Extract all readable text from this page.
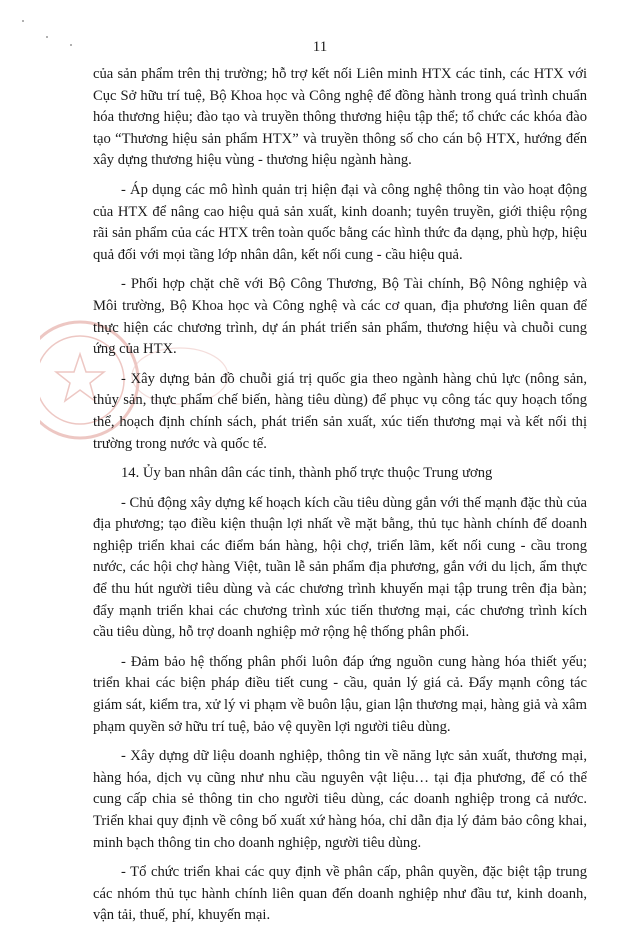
11

của sản phẩm trên thị trường; hỗ trợ kết nối Liên minh HTX các tỉnh, các HTX với Cục Sở hữu trí tuệ, Bộ Khoa học và Công nghệ để đồng hành trong quá trình chuẩn hóa thương hiệu; đào tạo và truyền thông thương hiệu tập thể; tổ chức các khóa đào tạo “Thương hiệu sản phẩm HTX” và truyền thông số cho cán bộ HTX, hướng đến xây dựng thương hiệu vùng - thương hiệu ngành hàng.

- Áp dụng các mô hình quản trị hiện đại và công nghệ thông tin vào hoạt động của HTX để nâng cao hiệu quả sản xuất, kinh doanh; tuyên truyền, giới thiệu rộng rãi sản phẩm của các HTX trên toàn quốc bằng các hình thức đa dạng, phù hợp, hiệu quả đối với mọi tầng lớp nhân dân, kết nối cung - cầu hiệu quả.

- Phối hợp chặt chẽ với Bộ Công Thương, Bộ Tài chính, Bộ Nông nghiệp và Môi trường, Bộ Khoa học và Công nghệ và các cơ quan, địa phương liên quan để thực hiện các chương trình, dự án phát triển sản phẩm, thương hiệu và chuỗi cung ứng của HTX.

- Xây dựng bản đồ chuỗi giá trị quốc gia theo ngành hàng chủ lực (nông sản, thủy sản, thực phẩm chế biến, hàng tiêu dùng) để phục vụ công tác quy hoạch tổng thể, hoạch định chính sách, phát triển sản xuất, xúc tiến thương mại và kết nối thị trường trong nước và quốc tế.

14. Ủy ban nhân dân các tỉnh, thành phố trực thuộc Trung ương

- Chủ động xây dựng kế hoạch kích cầu tiêu dùng gắn với thế mạnh đặc thù của địa phương; tạo điều kiện thuận lợi nhất về mặt bằng, thủ tục hành chính để doanh nghiệp triển khai các điểm bán hàng, hội chợ, triển lãm, kết nối cung - cầu trong nước, các hội chợ hàng Việt, tuần lễ sản phẩm địa phương, gắn với du lịch, ẩm thực để thu hút người tiêu dùng và các chương trình khuyến mại tập trung trên địa bàn; đẩy mạnh triển khai các chương trình xúc tiến thương mại, các chương trình kích cầu tiêu dùng, hỗ trợ doanh nghiệp mở rộng hệ thống phân phối.

- Đảm bảo hệ thống phân phối luôn đáp ứng nguồn cung hàng hóa thiết yếu; triển khai các biện pháp điều tiết cung - cầu, quản lý giá cả. Đẩy mạnh công tác giám sát, kiểm tra, xử lý vi phạm về buôn lậu, gian lận thương mại, hàng giả và xâm phạm quyền sở hữu trí tuệ, bảo vệ quyền lợi người tiêu dùng.

- Xây dựng dữ liệu doanh nghiệp, thông tin về năng lực sản xuất, thương mại, hàng hóa, dịch vụ cũng như nhu cầu nguyên vật liệu… tại địa phương, để có thể cung cấp chia sẻ thông tin cho người tiêu dùng, các doanh nghiệp trong cả nước. Triển khai quy định về công bố xuất xứ hàng hóa, chỉ dẫn địa lý đảm bảo công khai, minh bạch thông tin cho doanh nghiệp, người tiêu dùng.

- Tổ chức triển khai các quy định về phân cấp, phân quyền, đặc biệt tập trung các nhóm thủ tục hành chính liên quan đến doanh nghiệp như đầu tư, kinh doanh, vận tải, thuế, phí, khuyến mại.
